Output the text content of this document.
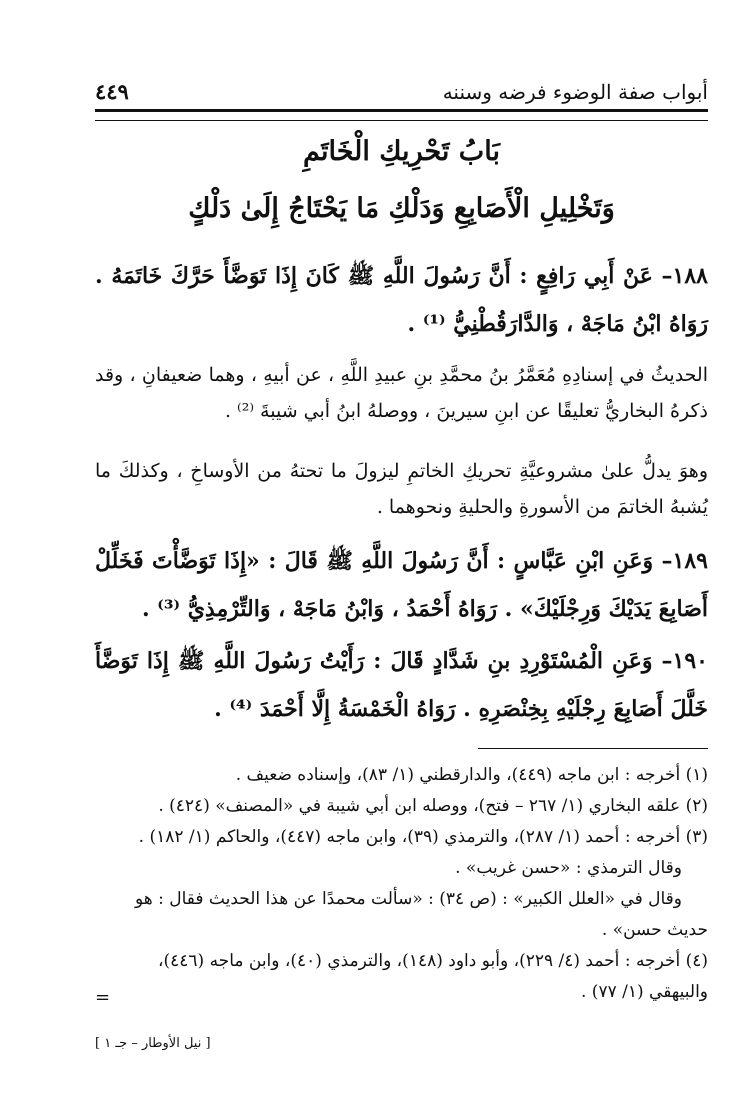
أبواب صفة الوضوء فرضه وسننه
٤٤٩
بَابُ تَحْرِيكِ الْخَاتَمِ
وَتَخْلِيلِ الْأَصَابِعِ وَدَلْكِ مَا يَحْتَاجُ إِلَىٰ دَلْكٍ

١٨٨– عَنْ أَبِي رَافِعٍ : أَنَّ رَسُولَ اللَّهِ ﷺ كَانَ إِذَا تَوَضَّأَ حَرَّكَ خَاتَمَهُ . رَوَاهُ ابْنُ مَاجَهْ ، وَالدَّارَقُطْنِيُّ ⁽¹⁾ .

الحديثُ في إسنادِهِ مُعَمَّرُ بنُ محمَّدِ بنِ عبيدِ اللَّهِ ، عن أبيهِ ، وهما ضعيفانِ ، وقد ذكرهُ البخاريُّ تعليقًا عن ابنِ سيرينَ ، ووصلهُ ابنُ أبي شيبةَ ⁽²⁾ .

وهوَ يدلُّ علىٰ مشروعيَّةِ تحريكِ الخاتمِ ليزولَ ما تحتهُ من الأوساخِ ، وكذلكَ ما يُشبهُ الخاتمَ من الأسورةِ والحليةِ ونحوهما .

١٨٩– وَعَنِ ابْنِ عَبَّاسٍ : أَنَّ رَسُولَ اللَّهِ ﷺ قَالَ : «إِذَا تَوَضَّأْتَ فَخَلِّلْ أَصَابِعَ يَدَيْكَ وَرِجْلَيْكَ» . رَوَاهُ أَحْمَدُ ، وَابْنُ مَاجَهْ ، وَالتِّرْمِذِيُّ ⁽³⁾ .

١٩٠– وَعَنِ الْمُسْتَوْرِدِ بنِ شَدَّادٍ قَالَ : رَأَيْتُ رَسُولَ اللَّهِ ﷺ إِذَا تَوَضَّأَ خَلَّلَ أَصَابِعَ رِجْلَيْهِ بِخِنْصَرِهِ . رَوَاهُ الْخَمْسَةُ إِلَّا أَحْمَدَ ⁽⁴⁾ .

(١) أخرجه : ابن ماجه (٤٤٩)، والدارقطني (١/ ٨٣)، وإسناده ضعيف .
(٢) علقه البخاري (١/ ٢٦٧ – فتح)، ووصله ابن أبي شيبة في «المصنف» (٤٢٤) .
(٣) أخرجه : أحمد (١/ ٢٨٧)، والترمذي (٣٩)، وابن ماجه (٤٤٧)، والحاكم (١/ ١٨٢) .
وقال الترمذي : «حسن غريب» .
وقال في «العلل الكبير» : (ص ٣٤) : «سألت محمدًا عن هذا الحديث فقال : هو
حديث حسن» .
(٤) أخرجه : أحمد (٤/ ٢٢٩)، وأبو داود (١٤٨)، والترمذي (٤٠)، وابن ماجه (٤٤٦)،
والبيهقي (١/ ٧٧) .
=
[ نيل الأوطار – جـ ١ ]
